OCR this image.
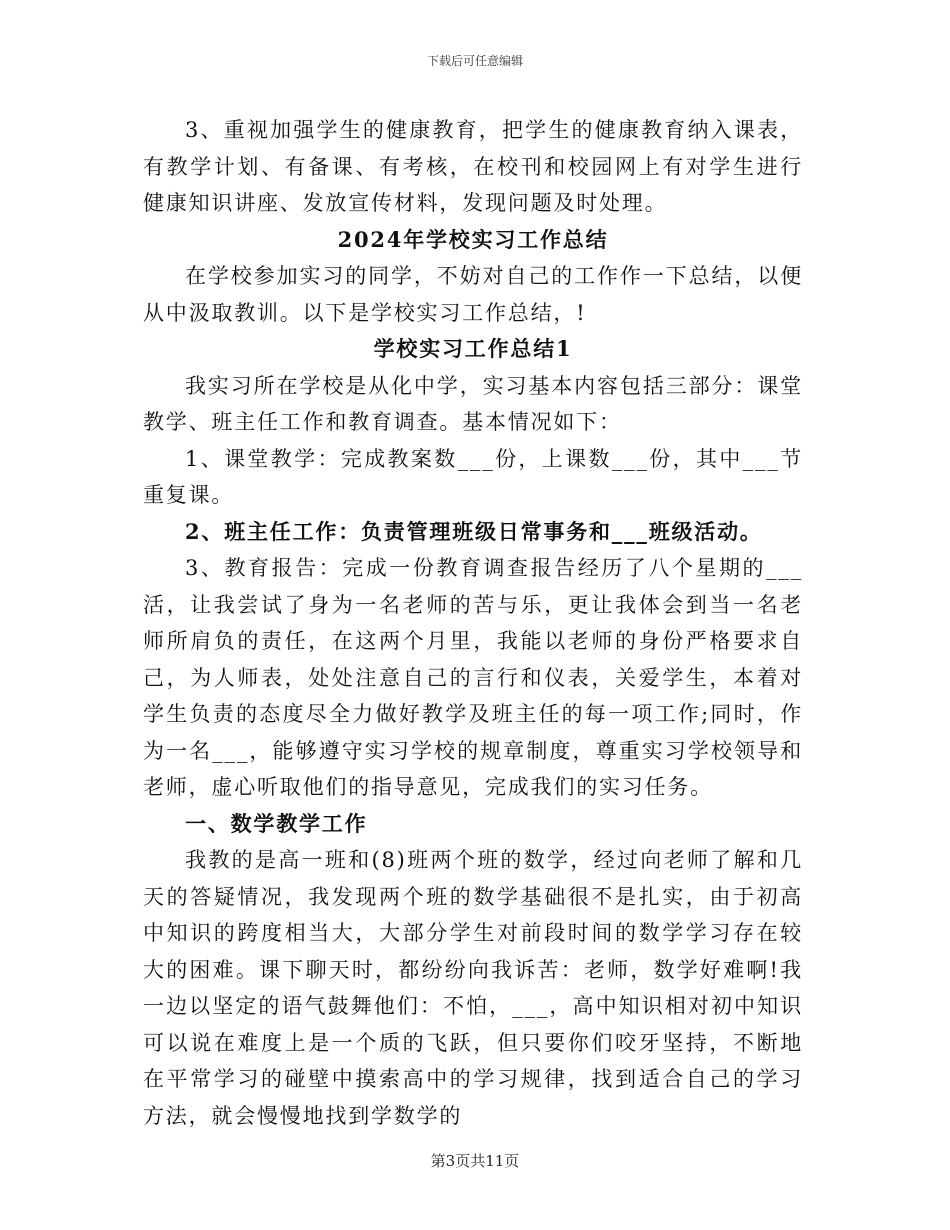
下载后可任意编辑

3、重视加强学生的健康教育，把学生的健康教育纳入课表，有教学计划、有备课、有考核，在校刊和校园网上有对学生进行健康知识讲座、发放宣传材料，发现问题及时处理。

2024年学校实习工作总结

在学校参加实习的同学，不妨对自己的工作作一下总结，以便从中汲取教训。以下是学校实习工作总结，!

学校实习工作总结1

我实习所在学校是从化中学，实习基本内容包括三部分：课堂教学、班主任工作和教育调查。基本情况如下：

1、课堂教学：完成教案数___份，上课数___份，其中___节重复课。

2、班主任工作：负责管理班级日常事务和___班级活动。

3、教育报告：完成一份教育调查报告经历了八个星期的___活，让我尝试了身为一名老师的苦与乐，更让我体会到当一名老师所肩负的责任，在这两个月里，我能以老师的身份严格要求自己，为人师表，处处注意自己的言行和仪表，关爱学生，本着对学生负责的态度尽全力做好教学及班主任的每一项工作;同时，作为一名___，能够遵守实习学校的规章制度，尊重实习学校领导和老师，虚心听取他们的指导意见，完成我们的实习任务。

一、数学教学工作

我教的是高一班和(8)班两个班的数学，经过向老师了解和几天的答疑情况，我发现两个班的数学基础很不是扎实，由于初高中知识的跨度相当大，大部分学生对前段时间的数学学习存在较大的困难。课下聊天时，都纷纷向我诉苦：老师，数学好难啊!我一边以坚定的语气鼓舞他们：不怕，___，高中知识相对初中知识可以说在难度上是一个质的飞跃，但只要你们咬牙坚持，不断地在平常学习的碰壁中摸索高中的学习规律，找到适合自己的学习方法，就会慢慢地找到学数学的

第3页共11页
